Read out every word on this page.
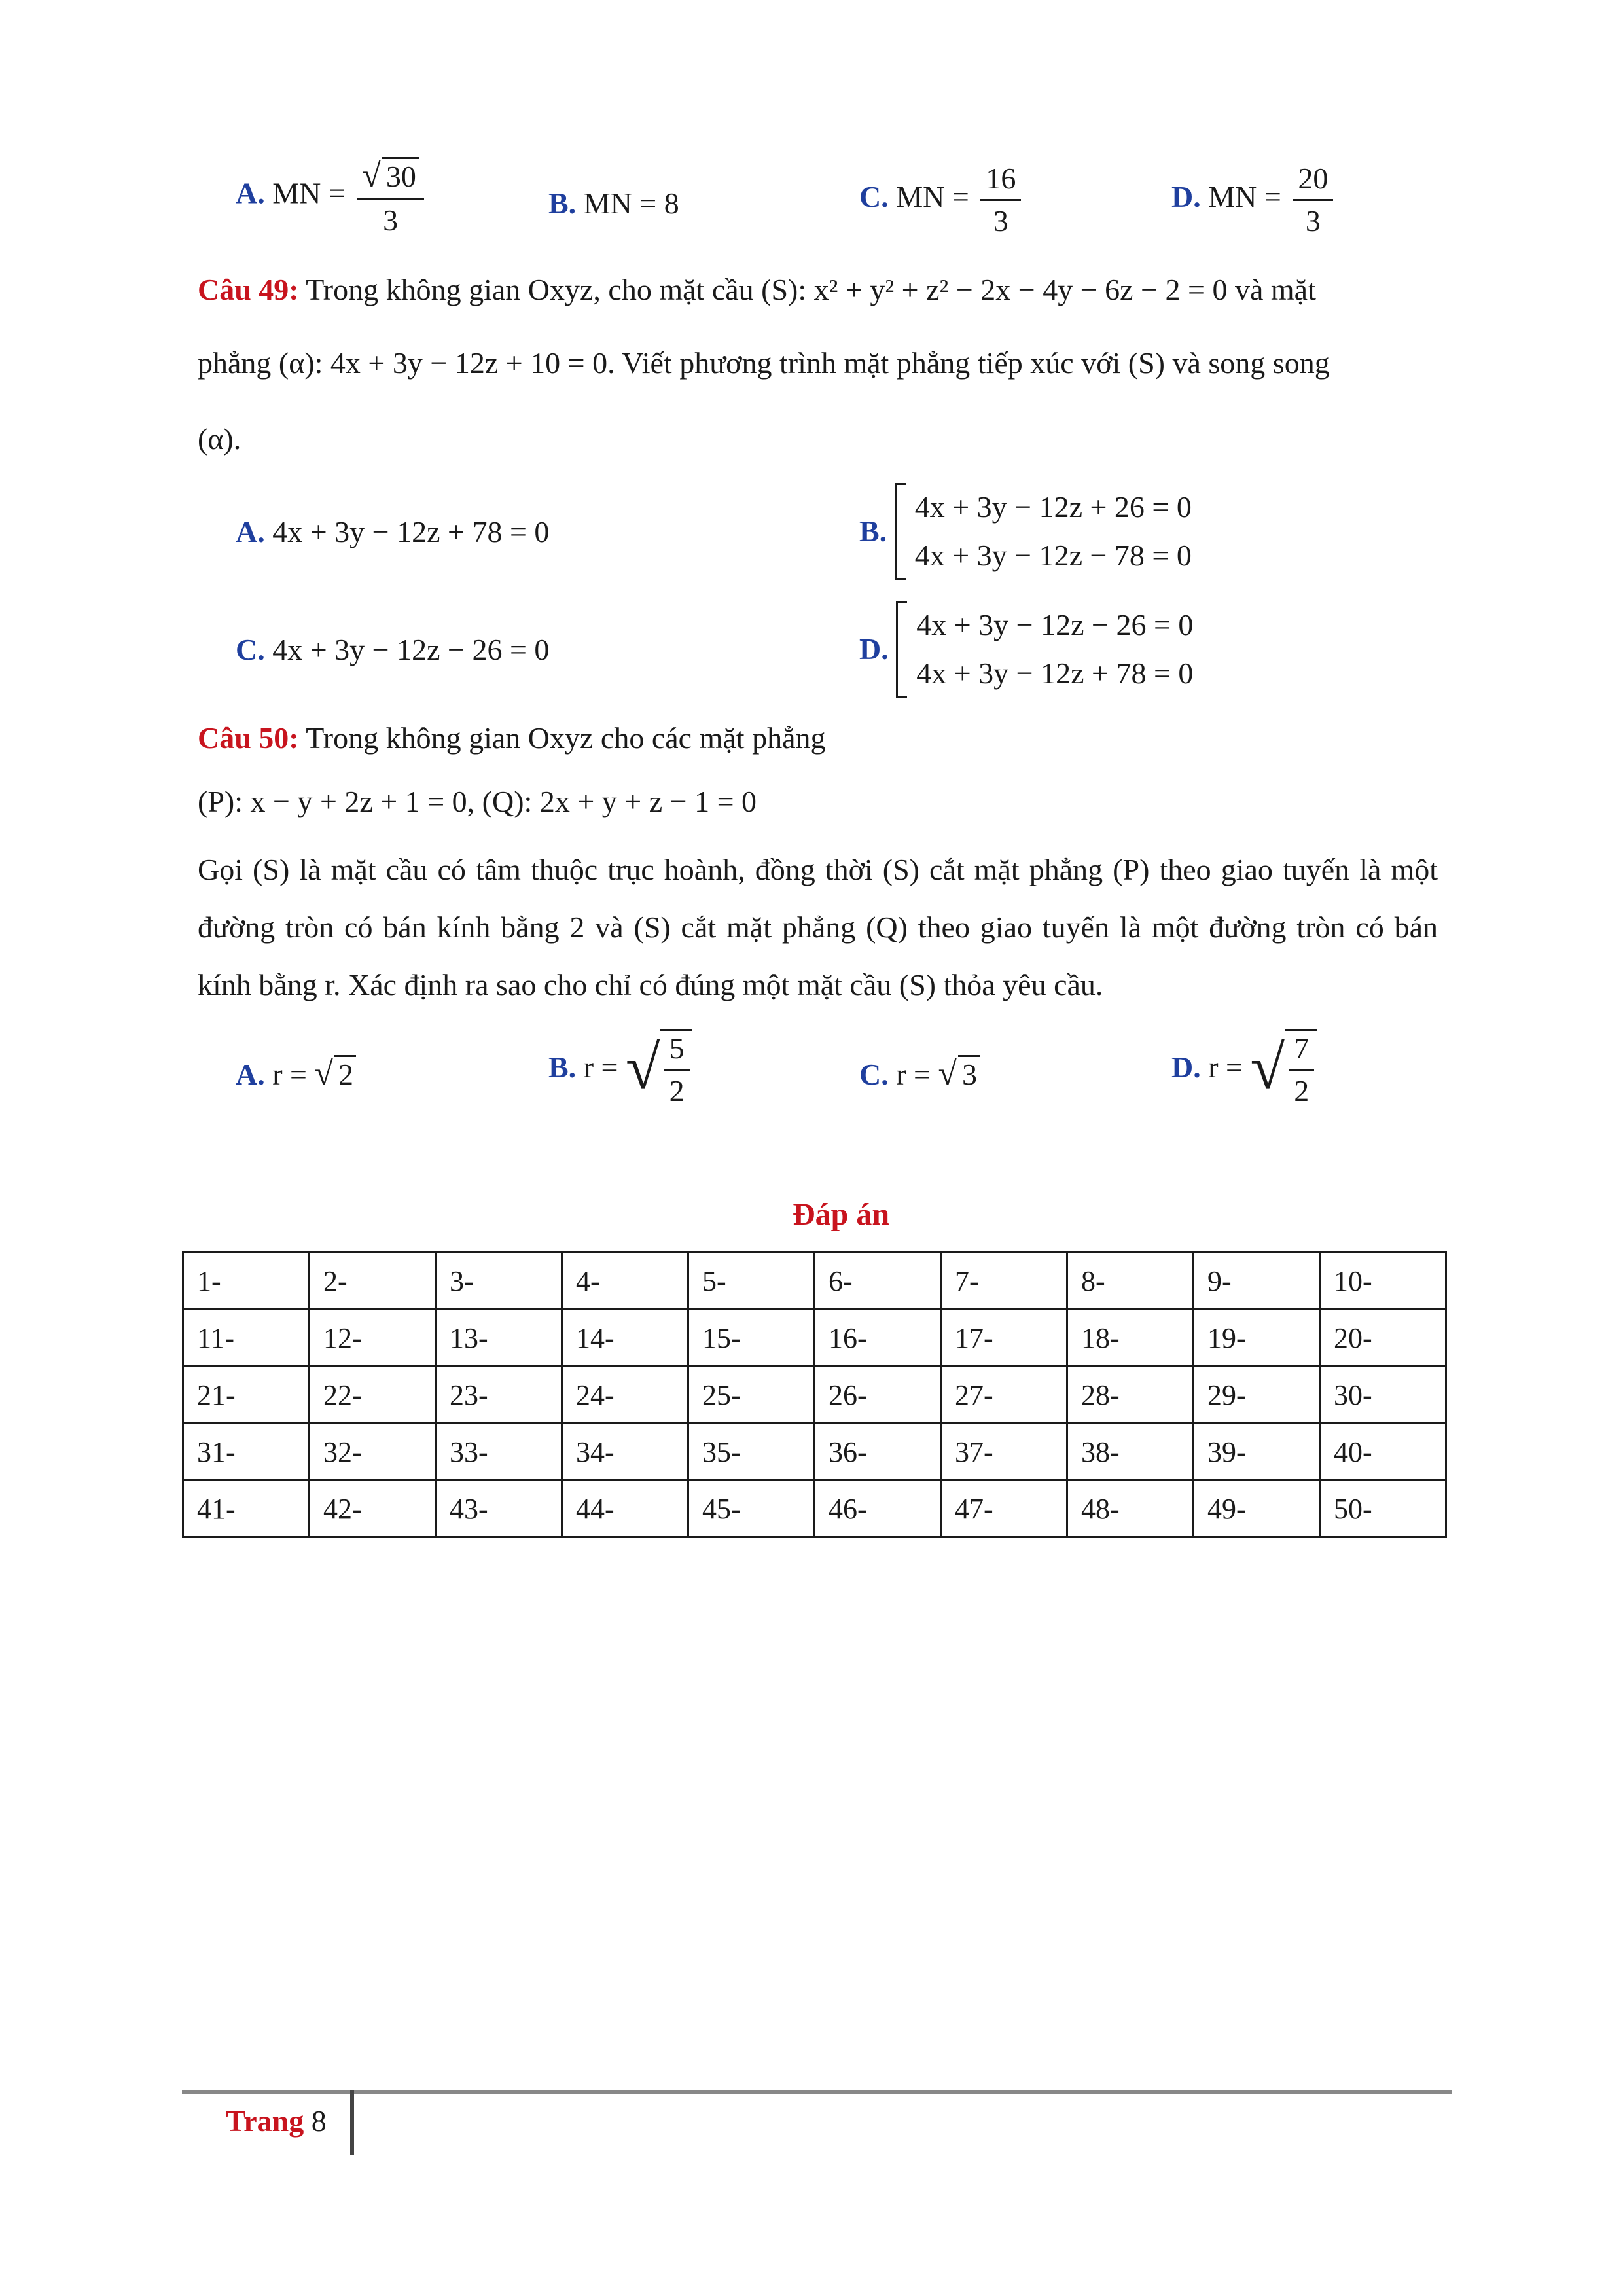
A. MN = $\frac{√ 30}{3}$	B. MN = 8	C. MN = $\frac{16}{3}$	D. MN = $\frac{20}{3}$
Câu 49: Trong không gian Oxyz, cho mặt cầu (S): x² + y² + z² − 2x − 4y − 6z − 2 = 0 và mặt
phẳng (α): 4x + 3y − 12z + 10 = 0. Viết phương trình mặt phẳng tiếp xúc với (S) và song song
(α).
A. 4x + 3y − 12z + 78 = 0	B.
4x + 3y − 12z + 26 = 0
4x + 3y − 12z − 78 = 0
C. 4x + 3y − 12z − 26 = 0	D.
4x + 3y − 12z − 26 = 0
4x + 3y − 12z + 78 = 0
Câu 50: Trong không gian Oxyz cho các mặt phẳng
(P): x − y + 2z + 1 = 0, (Q): 2x + y + z − 1 = 0
Gọi (S) là mặt cầu có tâm thuộc trục hoành, đồng thời (S) cắt mặt phẳng (P) theo giao tuyến là một đường tròn có bán kính bằng 2 và (S) cắt mặt phẳng (Q) theo giao tuyến là một đường tròn có bán kính bằng r. Xác định ra sao cho chỉ có đúng một mặt cầu (S) thỏa yêu cầu.
A. r = √ 2	B. r = √ $\frac{5}{2}$	C. r = √ 3	D. r = √ $\frac{7}{2}$
Đáp án
1-	2-	3-	4-	5-	6-	7-	8-	9-	10-
11-	12-	13-	14-	15-	16-	17-	18-	19-	20-
21-	22-	23-	24-	25-	26-	27-	28-	29-	30-
31-	32-	33-	34-	35-	36-	37-	38-	39-	40-
41-	42-	43-	44-	45-	46-	47-	48-	49-	50-
Trang 8
